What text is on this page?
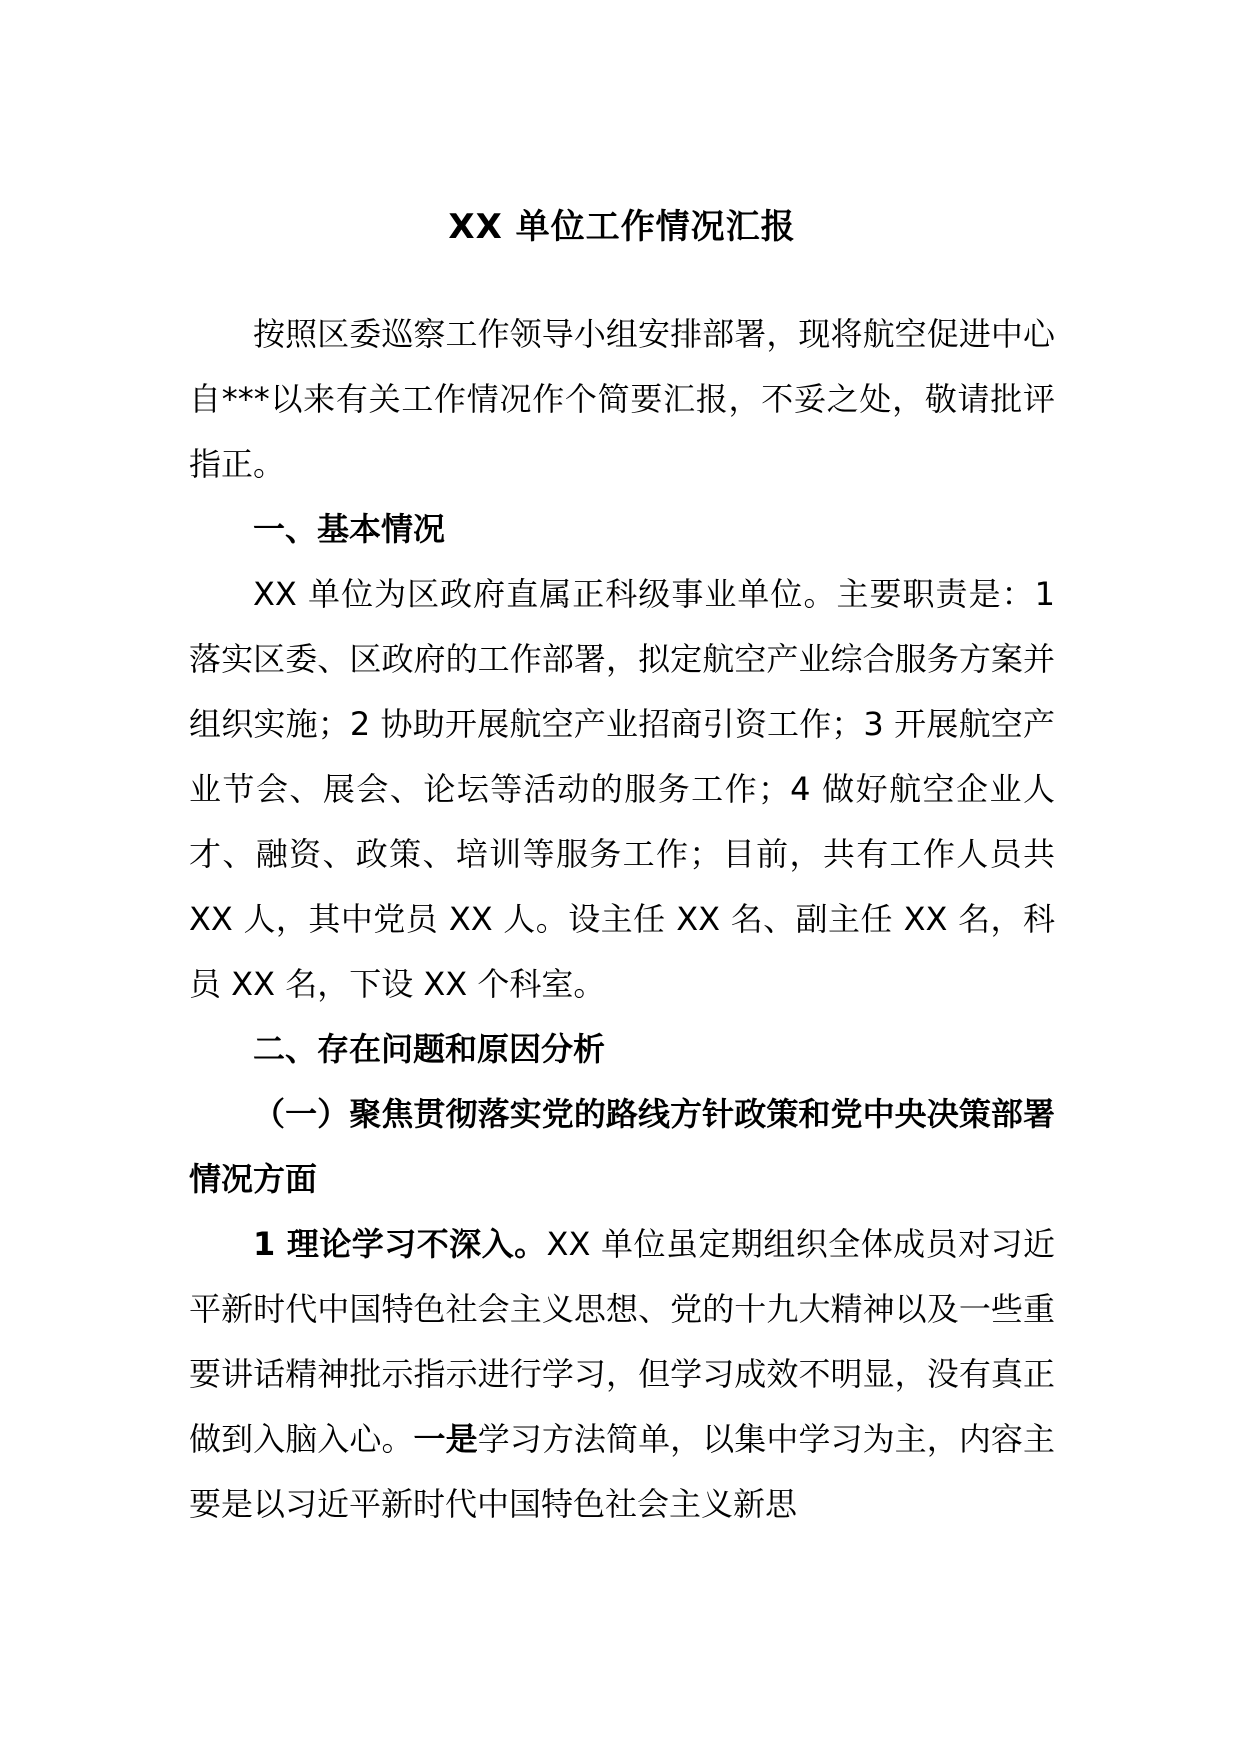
XX 单位工作情况汇报

按照区委巡察工作领导小组安排部署，现将航空促进中心自***以来有关工作情况作个简要汇报，不妥之处，敬请批评指正。

一、基本情况

XX 单位为区政府直属正科级事业单位。主要职责是：1 落实区委、区政府的工作部署，拟定航空产业综合服务方案并组织实施；2 协助开展航空产业招商引资工作；3 开展航空产业节会、展会、论坛等活动的服务工作；4 做好航空企业人才、融资、政策、培训等服务工作；目前，共有工作人员共 XX 人，其中党员 XX 人。设主任 XX 名、副主任 XX 名，科员 XX 名，下设 XX 个科室。

二、存在问题和原因分析

（一）聚焦贯彻落实党的路线方针政策和党中央决策部署情况方面

1 理论学习不深入。XX 单位虽定期组织全体成员对习近平新时代中国特色社会主义思想、党的十九大精神以及一些重要讲话精神批示指示进行学习，但学习成效不明显，没有真正做到入脑入心。一是学习方法简单，以集中学习为主，内容主要是以习近平新时代中国特色社会主义新思
